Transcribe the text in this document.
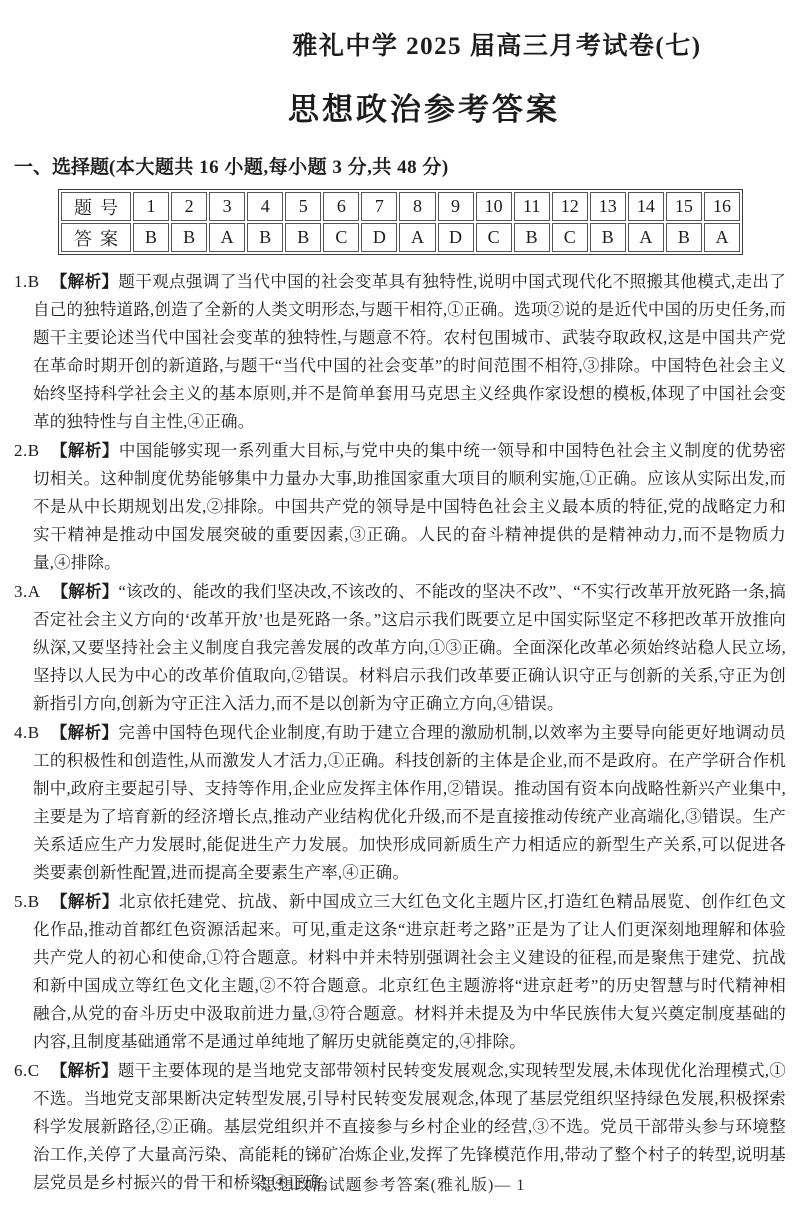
雅礼中学 2025 届高三月考试卷(七)
思想政治参考答案
一、选择题(本大题共 16 小题,每小题 3 分,共 48 分)
题号	1	2	3	4	5	6	7	8	9	10	11	12	13	14	15	16
答案	B	B	A	B	B	C	D	A	D	C	B	C	B	A	B	A

1.B 【解析】题干观点强调了当代中国的社会变革具有独特性,说明中国式现代化不照搬其他模式,走出了自己的独特道路,创造了全新的人类文明形态,与题干相符,①正确。选项②说的是近代中国的历史任务,而题干主要论述当代中国社会变革的独特性,与题意不符。农村包围城市、武装夺取政权,这是中国共产党在革命时期开创的新道路,与题干“当代中国的社会变革”的时间范围不相符,③排除。中国特色社会主义始终坚持科学社会主义的基本原则,并不是简单套用马克思主义经典作家设想的模板,体现了中国社会变革的独特性与自主性,④正确。

2.B 【解析】中国能够实现一系列重大目标,与党中央的集中统一领导和中国特色社会主义制度的优势密切相关。这种制度优势能够集中力量办大事,助推国家重大项目的顺利实施,①正确。应该从实际出发,而不是从中长期规划出发,②排除。中国共产党的领导是中国特色社会主义最本质的特征,党的战略定力和实干精神是推动中国发展突破的重要因素,③正确。人民的奋斗精神提供的是精神动力,而不是物质力量,④排除。

3.A 【解析】“该改的、能改的我们坚决改,不该改的、不能改的坚决不改”、“不实行改革开放死路一条,搞否定社会主义方向的‘改革开放’也是死路一条。”这启示我们既要立足中国实际坚定不移把改革开放推向纵深,又要坚持社会主义制度自我完善发展的改革方向,①③正确。全面深化改革必须始终站稳人民立场,坚持以人民为中心的改革价值取向,②错误。材料启示我们改革要正确认识守正与创新的关系,守正为创新指引方向,创新为守正注入活力,而不是以创新为守正确立方向,④错误。

4.B 【解析】完善中国特色现代企业制度,有助于建立合理的激励机制,以效率为主要导向能更好地调动员工的积极性和创造性,从而激发人才活力,①正确。科技创新的主体是企业,而不是政府。在产学研合作机制中,政府主要起引导、支持等作用,企业应发挥主体作用,②错误。推动国有资本向战略性新兴产业集中,主要是为了培育新的经济增长点,推动产业结构优化升级,而不是直接推动传统产业高端化,③错误。生产关系适应生产力发展时,能促进生产力发展。加快形成同新质生产力相适应的新型生产关系,可以促进各类要素创新性配置,进而提高全要素生产率,④正确。

5.B 【解析】北京依托建党、抗战、新中国成立三大红色文化主题片区,打造红色精品展览、创作红色文化作品,推动首都红色资源活起来。可见,重走这条“进京赶考之路”正是为了让人们更深刻地理解和体验共产党人的初心和使命,①符合题意。材料中并未特别强调社会主义建设的征程,而是聚焦于建党、抗战和新中国成立等红色文化主题,②不符合题意。北京红色主题游将“进京赶考”的历史智慧与时代精神相融合,从党的奋斗历史中汲取前进力量,③符合题意。材料并未提及为中华民族伟大复兴奠定制度基础的内容,且制度基础通常不是通过单纯地了解历史就能奠定的,④排除。

6.C 【解析】题干主要体现的是当地党支部带领村民转变发展观念,实现转型发展,未体现优化治理模式,①不选。当地党支部果断决定转型发展,引导村民转变发展观念,体现了基层党组织坚持绿色发展,积极探索科学发展新路径,②正确。基层党组织并不直接参与乡村企业的经营,③不选。党员干部带头参与环境整治工作,关停了大量高污染、高能耗的锑矿冶炼企业,发挥了先锋模范作用,带动了整个村子的转型,说明基层党员是乡村振兴的骨干和桥梁,④正确。

思想政治试题参考答案(雅礼版)— 1
